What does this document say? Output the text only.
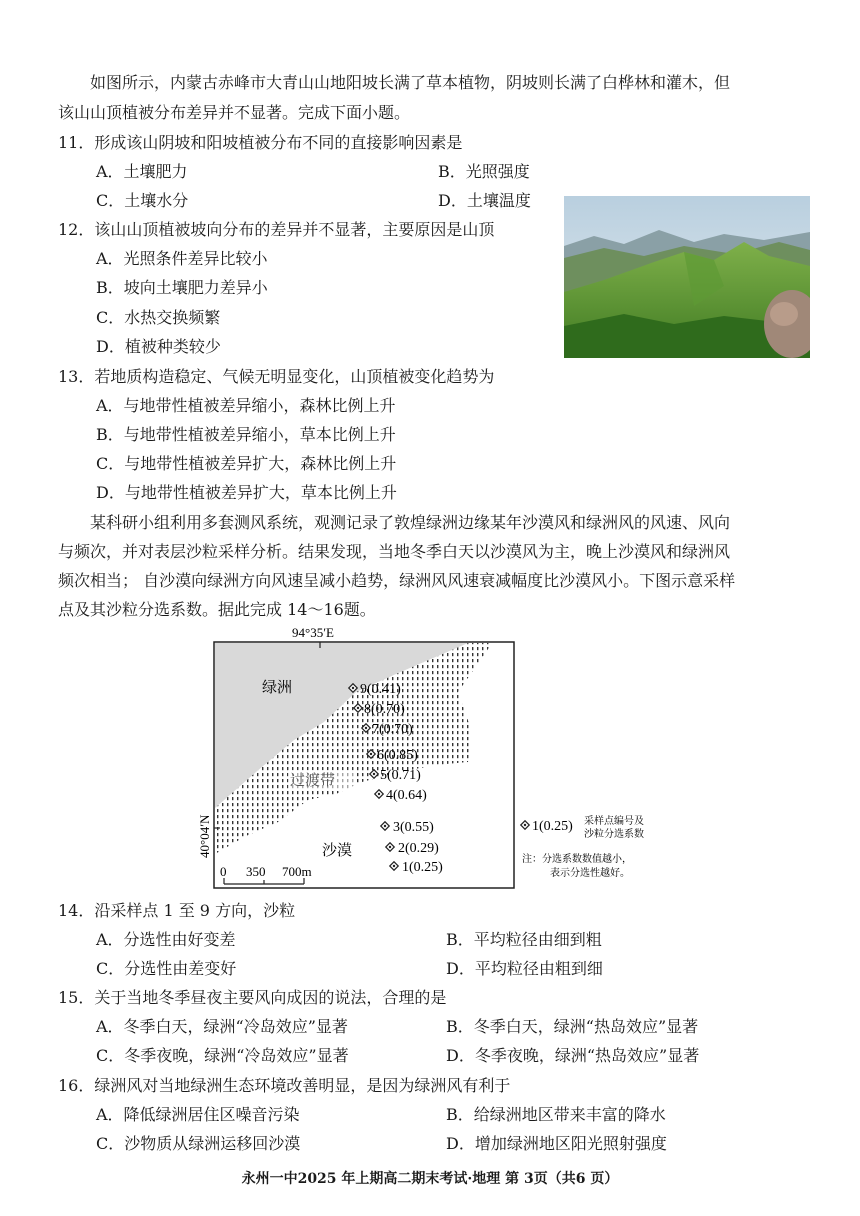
如图所示，内蒙古赤峰市大青山山地阳坡长满了草本植物，阴坡则长满了白桦林和灌木，但
该山山顶植被分布差异并不显著。完成下面小题。
11．形成该山阴坡和阳坡植被分布不同的直接影响因素是
A．土壤肥力	B．光照强度
C．土壤水分	D．土壤温度
12．该山山顶植被坡向分布的差异并不显著，主要原因是山顶
A．光照条件差异比较小
B．坡向土壤肥力差异小
C．水热交换频繁
D．植被种类较少
13．若地质构造稳定、气候无明显变化，山顶植被变化趋势为
A．与地带性植被差异缩小，森林比例上升
B．与地带性植被差异缩小，草本比例上升
C．与地带性植被差异扩大，森林比例上升
D．与地带性植被差异扩大，草本比例上升
某科研小组利用多套测风系统，观测记录了敦煌绿洲边缘某年沙漠风和绿洲风的风速、风向
与频次，并对表层沙粒采样分析。结果发现，当地冬季白天以沙漠风为主，晚上沙漠风和绿洲风
频次相当； 自沙漠向绿洲方向风速呈减小趋势，绿洲风风速衰减幅度比沙漠风小。下图示意采样
点及其沙粒分选系数。据此完成 14～16题。
94°35′E
40°04′N
绿洲
过渡带
沙漠
0 350 700m
9(0.41)
8(0.70)
7(0.70)
6(0.85)
5(0.71)
4(0.64)
3(0.55)
2(0.29)
1(0.25)
1(0.25) 采样点编号及
沙粒分选系数
注：分选系数数值越小，
表示分选性越好。
14．沿采样点 1 至 9 方向，沙粒
A．分选性由好变差	B．平均粒径由细到粗
C．分选性由差变好	D．平均粒径由粗到细
15．关于当地冬季昼夜主要风向成因的说法，合理的是
A．冬季白天，绿洲“冷岛效应”显著	B．冬季白天，绿洲“热岛效应”显著
C．冬季夜晚，绿洲“冷岛效应”显著	D．冬季夜晚，绿洲“热岛效应”显著
16．绿洲风对当地绿洲生态环境改善明显，是因为绿洲风有利于
A．降低绿洲居住区噪音污染	B．给绿洲地区带来丰富的降水
C．沙物质从绿洲运移回沙漠	D．增加绿洲地区阳光照射强度
永州一中2025 年上期高二期末考试·地理 第 3页（共6 页）
